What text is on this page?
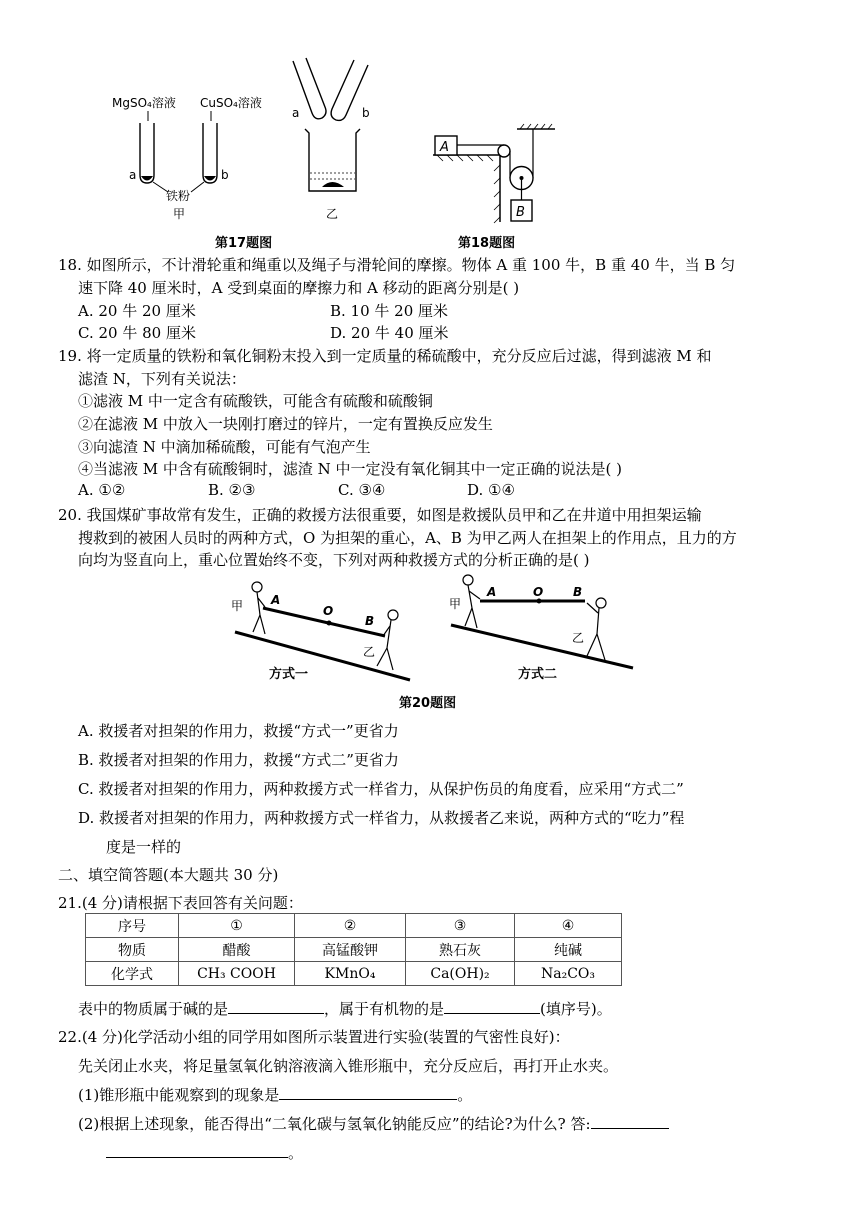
MgSO₄溶液 CuSO₄溶液
a	b
铁粉
甲
a	b
乙
A
B
第17题图	第18题图
18. 如图所示，不计滑轮重和绳重以及绳子与滑轮间的摩擦。物体 A 重 100 牛，B 重 40 牛，当 B 匀
速下降 40 厘米时，A 受到桌面的摩擦力和 A 移动的距离分别是( )
A. 20 牛 20 厘米	B. 10 牛 20 厘米
C. 20 牛 80 厘米	D. 20 牛 40 厘米
19. 将一定质量的铁粉和氧化铜粉末投入到一定质量的稀硫酸中，充分反应后过滤，得到滤液 M 和
滤渣 N，下列有关说法：
①滤液 M 中一定含有硫酸铁，可能含有硫酸和硫酸铜
②在滤液 M 中放入一块刚打磨过的锌片，一定有置换反应发生
③向滤渣 N 中滴加稀硫酸，可能有气泡产生
④当滤液 M 中含有硫酸铜时，滤渣 N 中一定没有氧化铜其中一定正确的说法是( )
A. ①②	B. ②③	C. ③④	D. ①④
20. 我国煤矿事故常有发生，正确的救援方法很重要，如图是救援队员甲和乙在井道中用担架运输
搜救到的被困人员时的两种方式，O 为担架的重心，A、B 为甲乙两人在担架上的作用点，且力的方
向均为竖直向上，重心位置始终不变，下列对两种救援方式的分析正确的是( )
甲 A
O
B
乙
甲
A	O B
乙
方式一	方式二
第20题图
A. 救援者对担架的作用力，救援“方式一”更省力
B. 救援者对担架的作用力，救援“方式二”更省力
C. 救援者对担架的作用力，两种救援方式一样省力，从保护伤员的角度看，应采用“方式二”
D. 救援者对担架的作用力，两种救援方式一样省力，从救援者乙来说，两种方式的“吃力”程
度是一样的
二、填空简答题(本大题共 30 分)
21.(4 分)请根据下表回答有关问题：
序号	①	②	③	④
物质	醋酸	高锰酸钾	熟石灰	纯碱
化学式	CH₃ COOH	KMnO₄	Ca(OH)₂	Na₂CO₃
表中的物质属于碱的是	，属于有机物的是	(填序号)。
22.(4 分)化学活动小组的同学用如图所示装置进行实验(装置的气密性良好)：
先关闭止水夹，将足量氢氧化钠溶液滴入锥形瓶中，充分反应后，再打开止水夹。
(1)锥形瓶中能观察到的现象是	。
(2)根据上述现象，能否得出“二氧化碳与氢氧化钠能反应”的结论?为什么? 答:
。
